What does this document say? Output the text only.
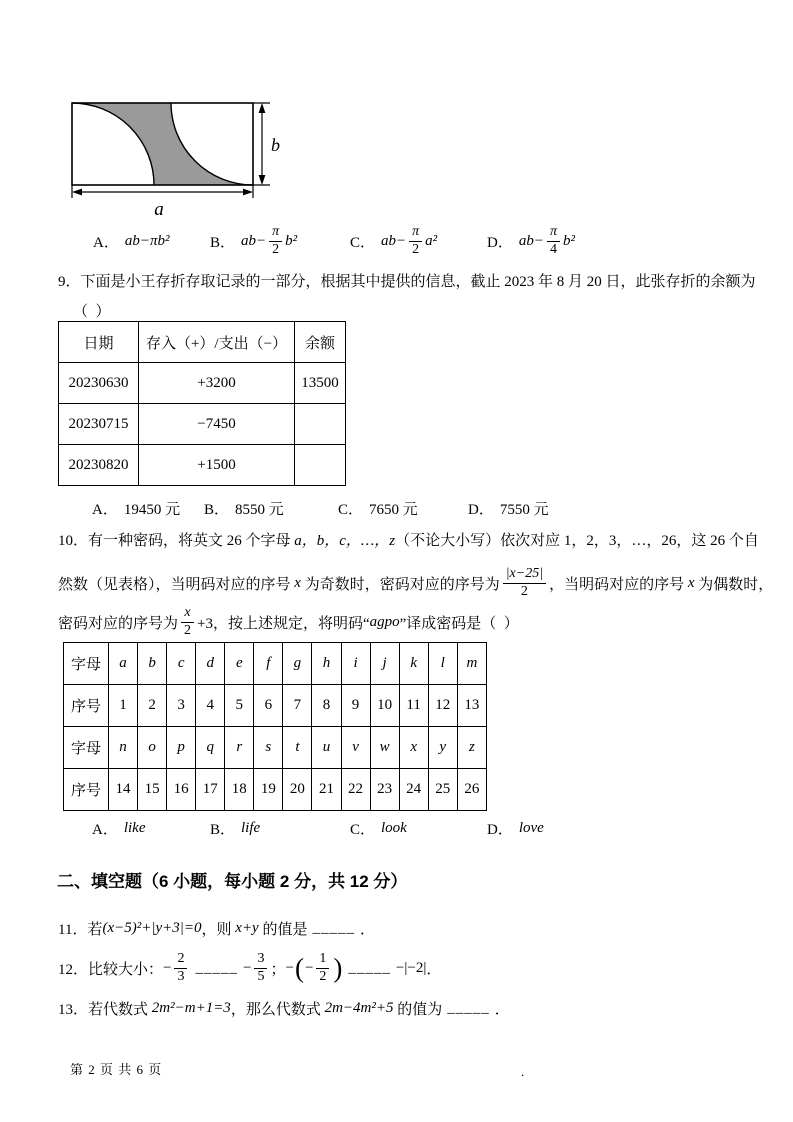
b
a

A． ab−πb²

	B． $ab- \frac{\pi}{2} b^2$

	C． $ab- \frac{\pi}{2} a^2$

	D． $ab- \frac{\pi}{4} b^2$

9．下面是小王存折存取记录的一部分，根据其中提供的信息，截止 2023 年 8 月 20 日，此张存折的余额为
（  ）
日期	存入（+）/支出（−）	余额
20230630	+3200	13500
20230715	−7450	
20230820	+1500	

A． 19450 元

B． 8550 元

	C． 7650 元

	D． 7550 元

10．有一种密码，将英文 26 个字母 a，b，c，…，z（不论大小写）依次对应 1，2，3，…，26，这 26 个自
然数（见表格），当明码对应的序号 x 为奇数时，密码对应的序号为 $\frac{|x-25|}{2}$ ，当明码对应的序号 x 为偶数时，
密码对应的序号为 $\frac{x}{2} +3$，按上述规定，将明码“ agpo ”译成密码是（  ）
字母	a	b	c	d	e	f	g	h	i	j	k	l	m
序号	1	2	3	4	5	6	7	8	9	10	11	12	13
字母	n	o	p	q	r	s	t	u	v	w	x	y	z
序号	14	15	16	17	18	19	20	21	22	23	24	25	26

A． like

	B． life

	C． look

	D． love

二、填空题（6 小题，每小题 2 分，共 12 分）
11． 若 (x−5)²+|y+3|=0 ，则 x+y 的值是 _____ ．
12．比较大小： − $\frac{2}{3}$ _____ − $\frac{3}{5}$ ； − ( − $\frac{1}{2}$ ) _____ −|−2| ．
13． 若代数式 2m²−m+1=3 ，那么代数式 2m−4m²+5 的值为 _____ ．
第 2 页 共 6 页	.
